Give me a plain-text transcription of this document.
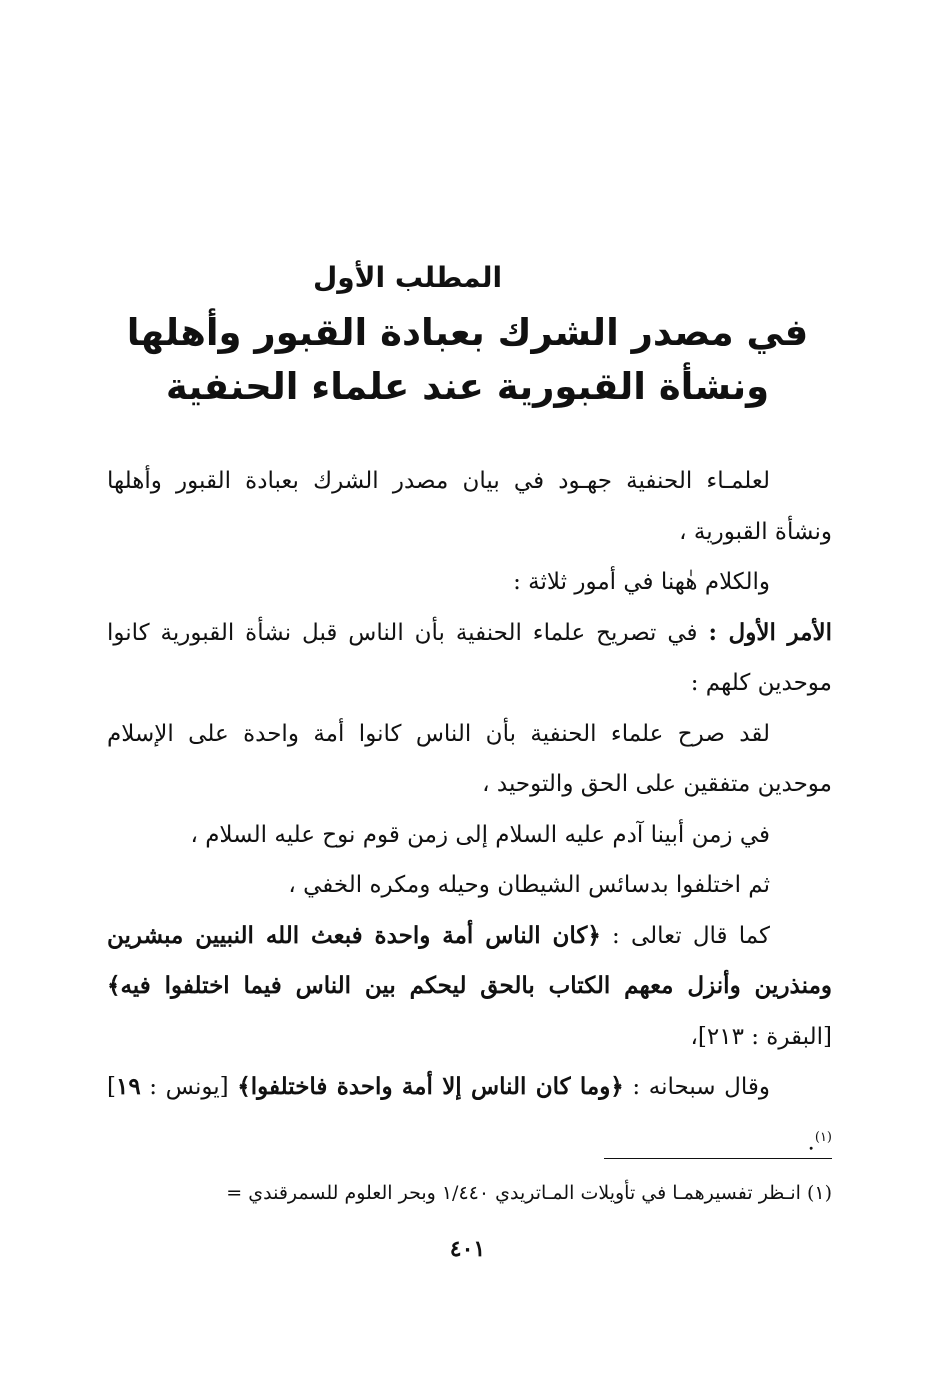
المطلب الأول
في مصدر الشرك بعبادة القبور وأهلها
ونشأة القبورية عند علماء الحنفية

لعلمـاء الحنفية جهـود في بيان مصدر الشرك بعبادة القبور وأهلها ونشأة القبورية ،

والكلام هٰهنا في أمور ثلاثة :

الأمر الأول : في تصريح علماء الحنفية بأن الناس قبل نشأة القبورية كانوا موحدين كلهم :

لقد صرح علماء الحنفية بأن الناس كانوا أمة واحدة على الإسلام موحدين متفقين على الحق والتوحيد ،

في زمن أبينا آدم عليه السلام إلى زمن قوم نوح عليه السلام ،

ثم اختلفوا بدسائس الشيطان وحيله ومكره الخفي ،

كما قال تعالى : ﴿كان الناس أمة واحدة فبعث الله النبيين مبشرين ومنذرين وأنزل معهم الكتاب بالحق ليحكم بين الناس فيما اختلفوا فيه﴾ [البقرة : ٢١٣]،

وقال سبحانه : ﴿وما كان الناس إلا أمة واحدة فاختلفوا﴾ [يونس : ١٩]$^{(١)}$.

(١) انـظر تفسيرهمـا في تأويلات المـاتريدي ١/٤٤٠ وبحر العلوم للسمرقندي =
٤٠١
